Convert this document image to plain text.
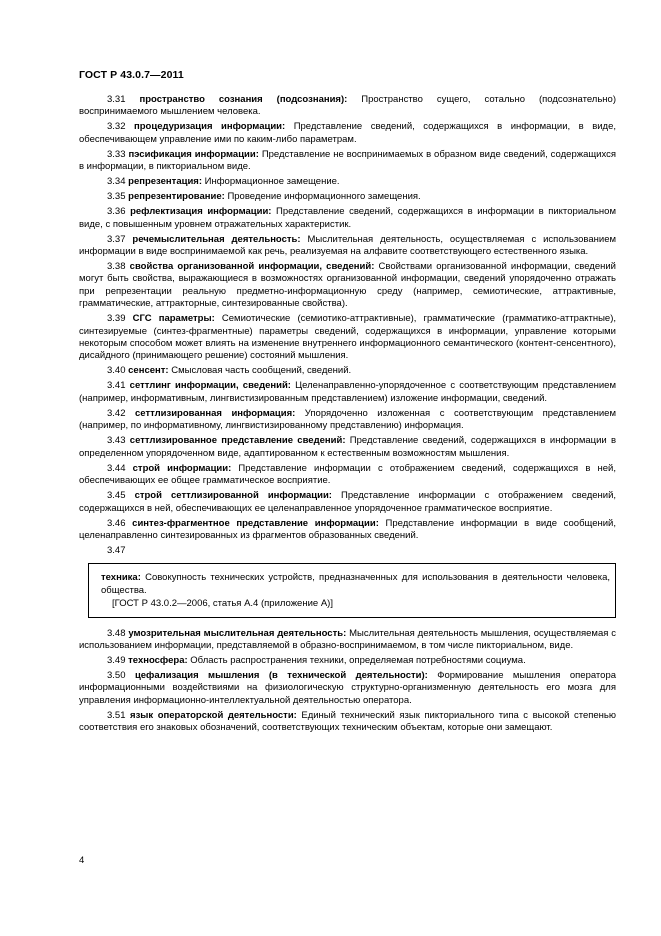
ГОСТ Р 43.0.7—2011

3.31 пространство сознания (подсознания): Пространство сущего, сотально (подсознательно) воспринимаемого мышлением человека.

3.32 процедуризация информации: Представление сведений, содержащихся в информации, в виде, обеспечивающем управление ими по каким-либо параметрам.

3.33 пэсификация информации: Представление не воспринимаемых в образном виде сведений, содержащихся в информации, в пиктoриальном виде.

3.34 репрезентация: Информационное замещение.

3.35 репрезентирование: Проведение информационного замещения.

3.36 рефлектизация информации: Представление сведений, содержащихся в информации в пиктoриальном виде, с повышенным уровнем отражательных характеристик.

3.37 речемыслительная деятельность: Мыслительная деятельность, осуществляемая с использованием информации в виде воспринимаемой как речь, реализуемая на алфавите соответствующего естественного языка.

3.38 свойства организованной информации, сведений: Свойствами организованной информации, сведений могут быть свойства, выражающиеся в возможностях организованной информации, сведений упорядоченно отражать при репрезентации реальную предметно-информационную среду (например, семиотические, аттрактивные, грамматические, аттракторные, синтезированные свойства).

3.39 СГС параметры: Семиотические (семиотико-аттрактивные), грамматические (грамматико-аттрактные), синтезируемые (синтез-фрагментные) параметры сведений, содержащихся в информации, управление которыми некоторым способом может влиять на изменение внутреннего информационного семантического (контент-сенсентного), дисайдного (принимающего решение) состояний мышления.

3.40 сенсент: Смысловая часть сообщений, сведений.

3.41 сеттлинг информации, сведений: Целенаправленно-упорядоченное с соответствующим представлением (например, информативным, лингвистизированным представлением) изложение информации, сведений.

3.42 сеттлизированная информация: Упорядоченно изложенная с соответствующим представлением (например, по информативному, лингвистизированному представлению) информация.

3.43 сеттлизированное представление сведений: Представление сведений, содержащихся в информации в определенном упорядоченном виде, адаптированном к естественным возможностям мышления.

3.44 строй информации: Представление информации с отображением сведений, содержащихся в ней, обеспечивающих ее общее грамматическое восприятие.

3.45 строй сеттлизированной информации: Представление информации с отображением сведений, содержащихся в ней, обеспечивающих ее целенаправленное упорядоченное грамматическое восприятие.

3.46 синтез-фрагментное представление информации: Представление информации в виде сообщений, целенаправленно синтезированных из фрагментов образованных сведений.

3.47

техника: Совокупность технических устройств, предназначенных для использования в деятельности человека, общества.

[ГОСТ Р 43.0.2—2006, статья А.4 (приложение А)]

3.48 умозрительная мыслительная деятельность: Мыслительная деятельность мышления, осуществляемая с использованием информации, представляемой в образно-воспринимаемом, в том числе пиктoриальном, виде.

3.49 техносфера: Область распространения техники, определяемая потребностями социума.

3.50 цефализация мышления (в технической деятельности): Формирование мышления оператора информационными воздействиями на физиологическую структурно-организменную деятельность его мозга для управления информационно-интеллектуальной деятельностью оператора.

3.51 язык операторской деятельности: Единый технический язык пиктoриального типа с высокой степенью соответствия его знаковых обозначений, соответствующих техническим объектам, которые они замещают.

4
